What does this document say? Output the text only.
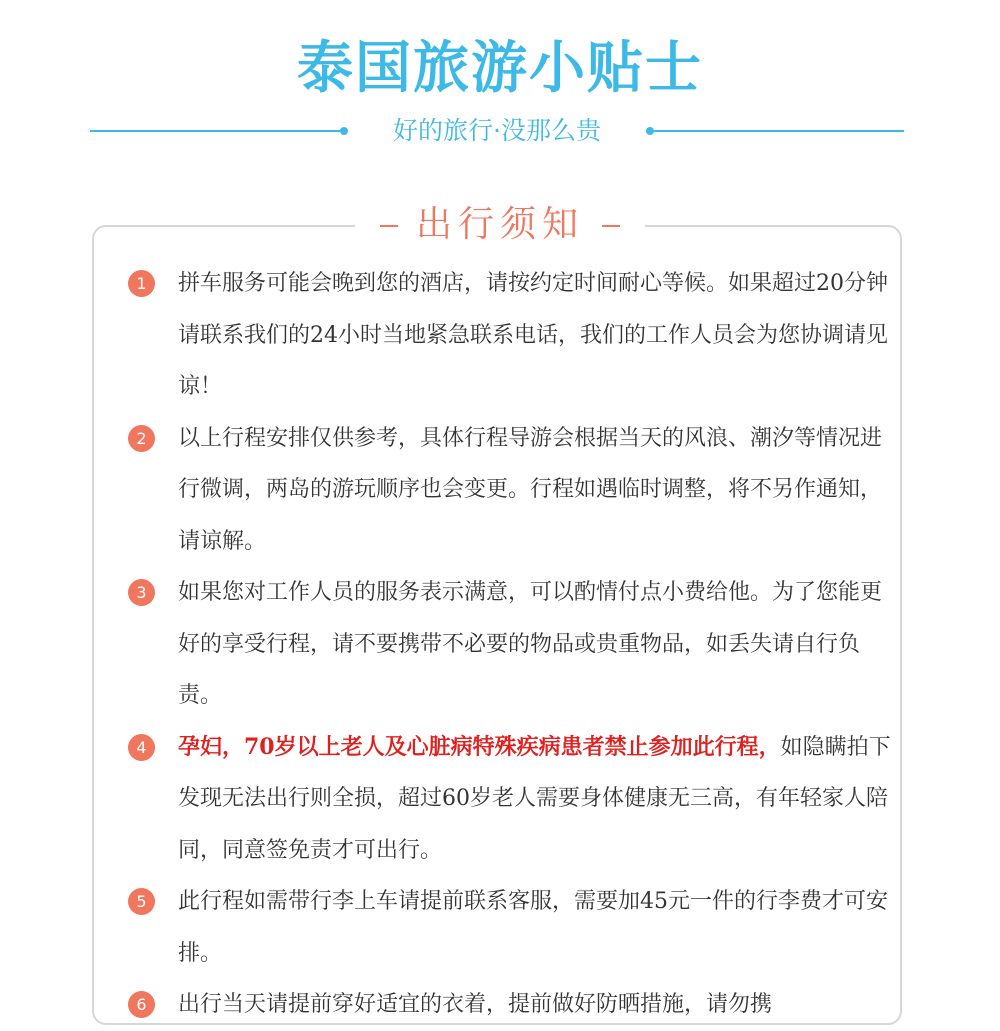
泰国旅游小贴士
好的旅行·没那么贵
出行须知
1	拼车服务可能会晚到您的酒店，请按约定时间耐心等候。如果超过20分钟请联系我们的24小时当地紧急联系电话，我们的工作人员会为您协调请见谅！
2	以上行程安排仅供参考，具体行程导游会根据当天的风浪、潮汐等情况进行微调，两岛的游玩顺序也会变更。行程如遇临时调整，将不另作通知，请谅解。
3	如果您对工作人员的服务表示满意，可以酌情付点小费给他。为了您能更好的享受行程，请不要携带不必要的物品或贵重物品，如丢失请自行负责。
4	孕妇，70岁以上老人及心脏病特殊疾病患者禁止参加此行程，如隐瞒拍下发现无法出行则全损，超过60岁老人需要身体健康无三高，有年轻家人陪同，同意签免责才可出行。
5	此行程如需带行李上车请提前联系客服，需要加45元一件的行李费才可安排。
6	出行当天请提前穿好适宜的衣着，提前做好防晒措施，请勿携
